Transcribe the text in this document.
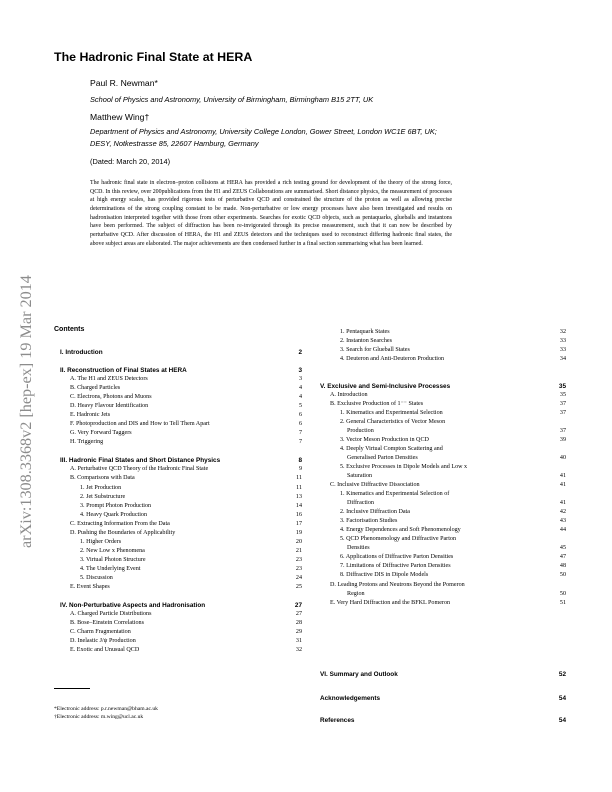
arXiv:1308.3368v2 [hep-ex] 19 Mar 2014
The Hadronic Final State at HERA
Paul R. Newman*
School of Physics and Astronomy, University of Birmingham, Birmingham B15 2TT, UK
Matthew Wing†
Department of Physics and Astronomy, University College London, Gower Street, London WC1E 6BT, UK;
DESY, Notkestrasse 85, 22607 Hamburg, Germany
(Dated: March 20, 2014)
The hadronic final state in electron–proton collisions at HERA has provided a rich testing ground for development of the theory of the strong force, QCD. In this review, over 200publications from the H1 and ZEUS Collaborations are summarised. Short distance physics, the measurement of processes at high energy scales, has provided rigorous tests of perturbative QCD and constrained the structure of the proton as well as allowing precise determinations of the strong coupling constant to be made. Non-perturbative or low energy processes have also been investigated and results on hadronisation interpreted together with those from other experiments. Searches for exotic QCD objects, such as pentaquarks, glueballs and instantons have been performed. The subject of diffraction has been re-invigorated through its precise measurement, such that it can now be described by perturbative QCD. After discussion of HERA, the H1 and ZEUS detectors and the techniques used to reconstruct differing hadronic final states, the above subject areas are elaborated. The major achievements are then condensed further in a final section summarising what has been learned.
Contents
I. Introduction	2
II. Reconstruction of Final States at HERA	3
A. The H1 and ZEUS Detectors	3
B. Charged Particles	4
C. Electrons, Photons and Muons	4
D. Heavy Flavour Identification	5
E. Hadronic Jets	6
F. Photoproduction and DIS and How to Tell Them Apart	6
G. Very Forward Taggers	7
H. Triggering	7
III. Hadronic Final States and Short Distance Physics	8
A. Perturbative QCD Theory of the Hadronic Final State	9
B. Comparisons with Data	11
1. Jet Production	11
2. Jet Substructure	13
3. Prompt Photon Production	14
4. Heavy Quark Production	16
C. Extracting Information From the Data	17
D. Pushing the Boundaries of Applicability	19
1. Higher Orders	20
2. New Low x Phenomena	21
3. Virtual Photon Structure	23
4. The Underlying Event	23
5. Discussion	24
E. Event Shapes	25
IV. Non-Perturbative Aspects and Hadronisation	27
A. Charged Particle Distributions	27
B. Bose–Einstein Correlations	28
C. Charm Fragmentation	29
D. Inelastic J/ψ Production	31
E. Exotic and Unusual QCD	32
1. Pentaquark States	32
2. Instanton Searches	33
3. Search for Glueball States	33
4. Deuteron and Anti-Deuteron Production	34
V. Exclusive and Semi-Inclusive Processes	35
A. Introduction	35
B. Exclusive Production of 1⁻⁻ States	37
1. Kinematics and Experimental Selection	37
2. General Characteristics of Vector Meson
Production	37
3. Vector Meson Production in QCD	39
4. Deeply Virtual Compton Scattering and
Generalised Parton Densities	40
5. Exclusive Processes in Dipole Models and Low x
Saturation	41
C. Inclusive Diffractive Dissociation	41
1. Kinematics and Experimental Selection of
Diffraction	41
2. Inclusive Diffraction Data	42
3. Factorisation Studies	43
4. Energy Dependences and Soft Phenomenology	44
5. QCD Phenomenology and Diffractive Parton
Densities	45
6. Applications of Diffractive Parton Densities	47
7. Limitations of Diffractive Parton Densities	48
8. Diffractive DIS in Dipole Models	50
D. Leading Protons and Neutrons Beyond the Pomeron
Region	50
E. Very Hard Diffraction and the BFKL Pomeron	51
VI. Summary and Outlook	52
Acknowledgements	54
References	54
*Electronic address: p.r.newman@bham.ac.uk
†Electronic address: m.wing@ucl.ac.uk
